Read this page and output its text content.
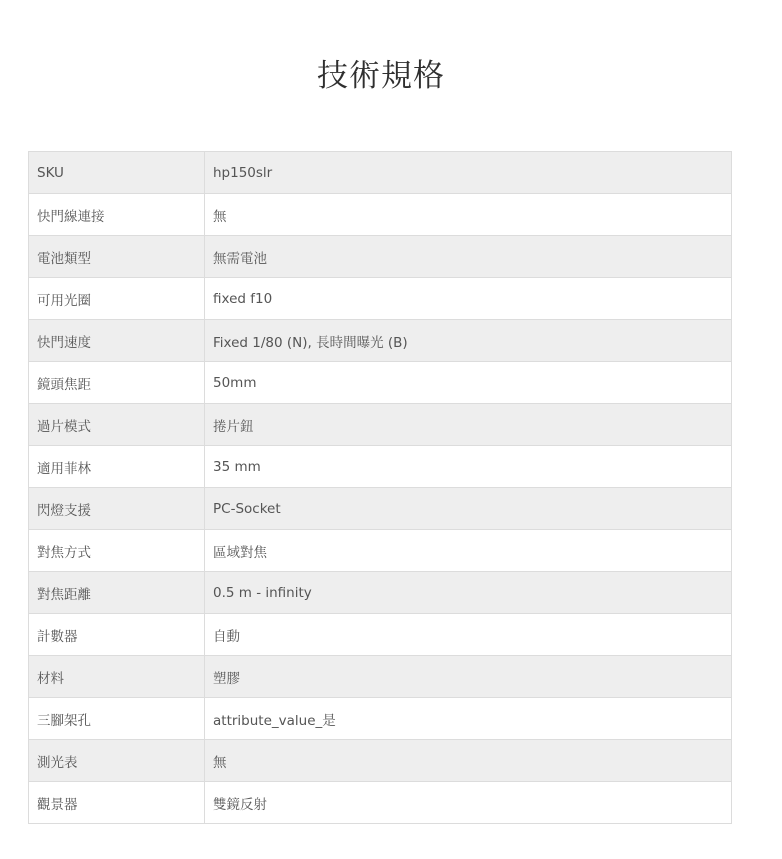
技術規格
SKU	hp150slr
快門線連接	無
電池類型	無需電池
可用光圈	fixed f10
快門速度	Fixed 1/80 (N), 長時間曝光 (B)
鏡頭焦距	50mm
過片模式	捲片鈕
適用菲林	35 mm
閃燈支援	PC-Socket
對焦方式	區域對焦
對焦距離	0.5 m - infinity
計數器	自動
材料	塑膠
三腳架孔	attribute_value_是
測光表	無
觀景器	雙鏡反射
